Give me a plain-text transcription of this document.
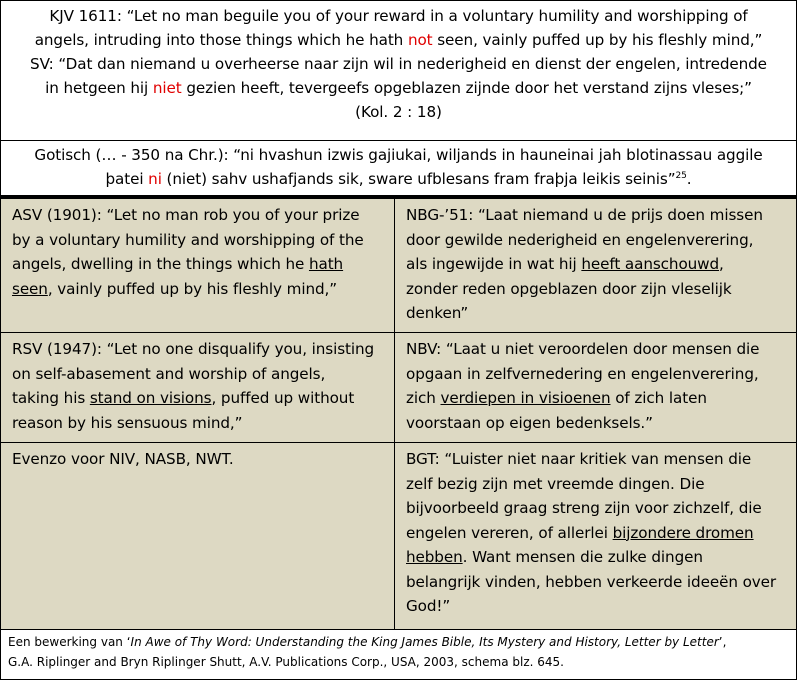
KJV 1611: “Let no man beguile you of your reward in a voluntary humility and worshipping of
angels, intruding into those things which he hath not seen, vainly puffed up by his fleshly mind,”
SV: “Dat dan niemand u overheerse naar zijn wil in nederigheid en dienst der engelen, intredende
in hetgeen hij niet gezien heeft, tevergeefs opgeblazen zijnde door het verstand zijns vleses;”
(Kol. 2 : 18)
Gotisch (… - 350 na Chr.): “ni hvashun izwis gajiukai, wiljands in hauneinai jah blotinassau aggile
þatei ni (niet) sahv ushafjands sik, sware ufblesans fram fraþja leikis seinis”$^{25}$.
ASV (1901): “Let no man rob you of your prize
by a voluntary humility and worshipping of the
angels, dwelling in the things which he hath
seen, vainly puffed up by his fleshly mind,”
NBG-’51: “Laat niemand u de prijs doen missen
door gewilde nederigheid en engelenverering,
als ingewijde in wat hij heeft aanschouwd,
zonder reden opgeblazen door zijn vleselijk
denken”
RSV (1947): “Let no one disqualify you, insisting
on self-abasement and worship of angels,
taking his stand on visions, puffed up without
reason by his sensuous mind,”
NBV: “Laat u niet veroordelen door mensen die
opgaan in zelfvernedering en engelenverering,
zich verdiepen in visioenen of zich laten
voorstaan op eigen bedenksels.”
Evenzo voor NIV, NASB, NWT.	BGT: “Luister niet naar kritiek van mensen die
zelf bezig zijn met vreemde dingen. Die
bijvoorbeeld graag streng zijn voor zichzelf, die
engelen vereren, of allerlei bijzondere dromen
hebben. Want mensen die zulke dingen
belangrijk vinden, hebben verkeerde ideeën over
God!”
Een bewerking van ‘In Awe of Thy Word: Understanding the King James Bible, Its Mystery and History, Letter by Letter’,
G.A. Riplinger and Bryn Riplinger Shutt, A.V. Publications Corp., USA, 2003, schema blz. 645.
